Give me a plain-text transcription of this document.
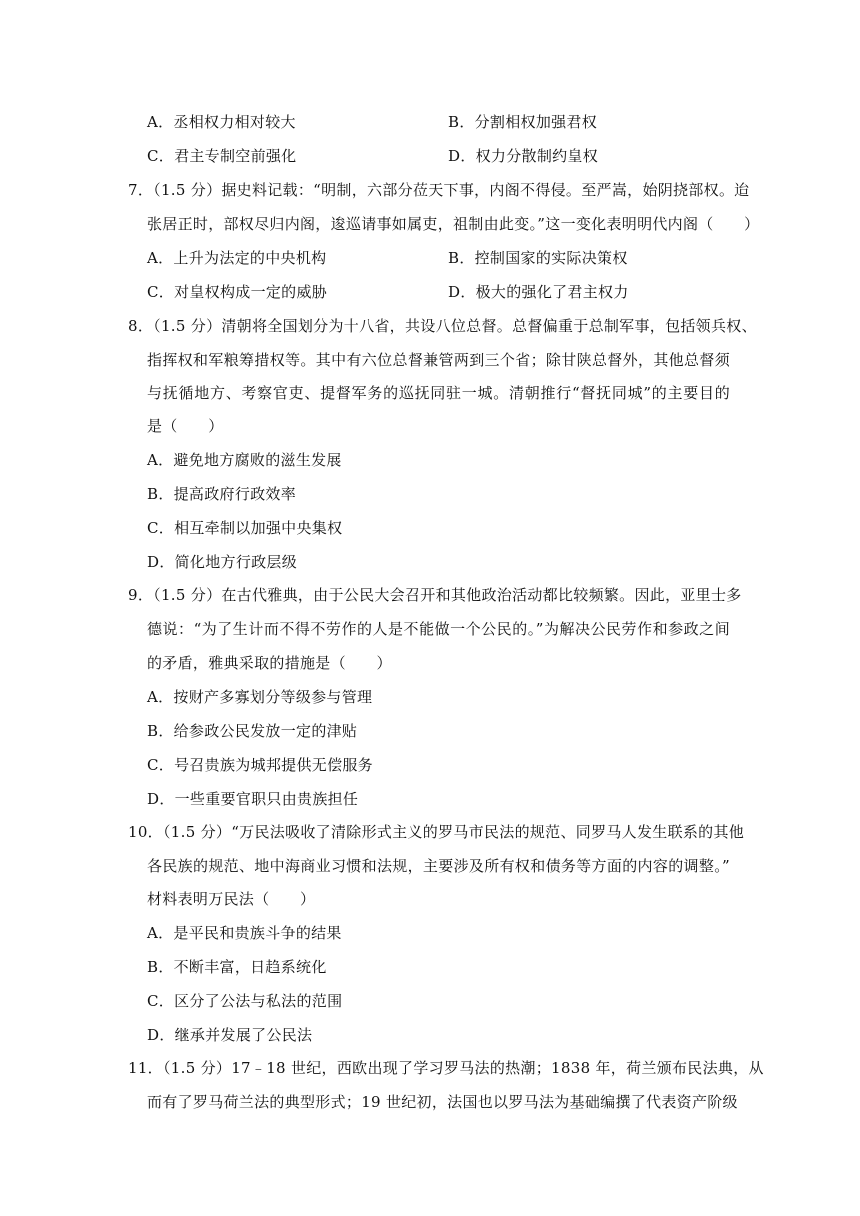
A．丞相权力相对较大	B．分割相权加强君权
C．君主专制空前强化	D．权力分散制约皇权
7．（1.5 分）据史料记载：“明制，六部分莅天下事，内阁不得侵。至严嵩，始阴挠部权。迨
张居正时，部权尽归内阁，逡巡请事如属吏，祖制由此变。”这一变化表明明代内阁（　　）
A．上升为法定的中央机构	B．控制国家的实际决策权
C．对皇权构成一定的威胁	D．极大的强化了君主权力
8．（1.5 分）清朝将全国划分为十八省，共设八位总督。总督偏重于总制军事，包括领兵权、
指挥权和军粮筹措权等。其中有六位总督兼管两到三个省；除甘陕总督外，其他总督须
与抚循地方、考察官吏、提督军务的巡抚同驻一城。清朝推行“督抚同城”的主要目的
是（　　）
A．避免地方腐败的滋生发展
B．提高政府行政效率
C．相互牵制以加强中央集权
D．简化地方行政层级
9．（1.5 分）在古代雅典，由于公民大会召开和其他政治活动都比较频繁。因此，亚里士多
德说：“为了生计而不得不劳作的人是不能做一个公民的。”为解决公民劳作和参政之间
的矛盾，雅典采取的措施是（　　）
A．按财产多寡划分等级参与管理
B．给参政公民发放一定的津贴
C．号召贵族为城邦提供无偿服务
D．一些重要官职只由贵族担任
10．（1.5 分）“万民法吸收了清除形式主义的罗马市民法的规范、同罗马人发生联系的其他
各民族的规范、地中海商业习惯和法规，主要涉及所有权和债务等方面的内容的调整。”
材料表明万民法（　　）
A．是平民和贵族斗争的结果
B．不断丰富，日趋系统化
C．区分了公法与私法的范围
D．继承并发展了公民法
11．（1.5 分）17﹣18 世纪，西欧出现了学习罗马法的热潮；1838 年，荷兰颁布民法典，从
而有了罗马荷兰法的典型形式；19 世纪初，法国也以罗马法为基础编撰了代表资产阶级
